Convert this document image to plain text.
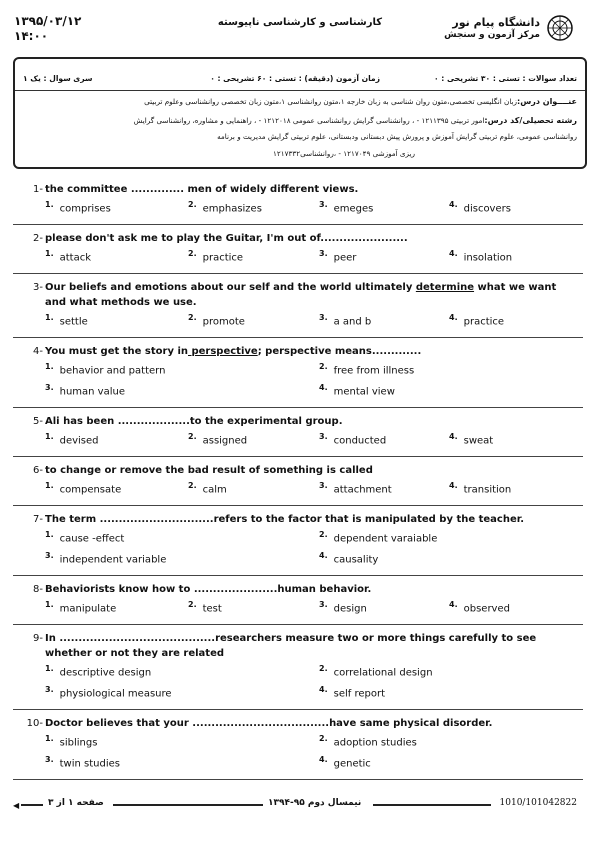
۱۳۹۵/۰۳/۱۲
۱۴:۰۰
کارشناسی و کارشناسی ناپیوسته	دانشگاه پیام نور
مرکز آزمون و سنجش
تعداد سوالات : تستی : ۳۰ تشریحی : ۰
زمان آزمون (دقیقه) : تستی : ۶۰ تشریحی : ۰
سری سوال : یک ۱
عنــــوان درس:زبان انگلیسی تخصصی،متون روان شناسی به زبان خارجه ۱،متون روانشناسی ۱،متون زبان تخصصی روانشناسی وعلوم تربیتی
رشته تحصیلی/کد درس:امور تربیتی ۱۲۱۱۳۹۵ - ، روانشناسی گرایش روانشناسی عمومی ۱۲۱۲۰۱۸ - ، راهنمایی و مشاوره، روانشناسی گرایش
روانشناسی عمومی، علوم تربیتی گرایش آموزش و پرورش پیش دبستانی ودبستانی، علوم تربیتی گرایش مدیریت و برنامه
ریزی آموزشی ۱۲۱۷۰۴۹ - ،روانشناسی۱۲۱۷۳۳۲
1- the committee .............. men of widely different views.
$^{1.}$ comprises	$^{2.}$ emphasizes	$^{3.}$ emeges	$^{4.}$ discovers
2- please don't ask me to play the Guitar, I'm out of.......................
$^{1.}$ attack	$^{2.}$ practice	$^{3.}$ peer	$^{4.}$ insolation
3- Our beliefs and emotions about our self and the world ultimately determine what we want and what methods we use.
$^{1.}$ settle	$^{2.}$ promote	$^{3.}$ a and b	$^{4.}$ practice
4- You must get the story in perspective; perspective means.............
$^{1.}$ behavior and pattern	$^{2.}$ free from illness
$^{3.}$ human value	$^{4.}$ mental view
5- Ali has been ...................to the experimental group.
$^{1.}$ devised	$^{2.}$ assigned	$^{3.}$ conducted	$^{4.}$ sweat
6- to change or remove the bad result of something is called
$^{1.}$ compensate	$^{2.}$ calm	$^{3.}$ attachment	$^{4.}$ transition
7- The term ..............................refers to the factor that is manipulated by the teacher.
$^{1.}$ cause -effect	$^{2.}$ dependent varaiable
$^{3.}$ independent variable	$^{4.}$ causality
8- Behaviorists know how to ......................human behavior.
$^{1.}$ manipulate	$^{2.}$ test	$^{3.}$ design	$^{4.}$ observed
9- In .........................................researchers measure two or more things carefully to see whether or not they are related
$^{1.}$ descriptive design	$^{2.}$ correlational design
$^{3.}$ physiological measure	$^{4.}$ self report
10- Doctor believes that your ....................................have same physical disorder.
$^{1.}$ siblings	$^{2.}$ adoption studies
$^{3.}$ twin studies	$^{4.}$ genetic
◀	صفحه ۱ از ۳	نیمسال دوم ۹۵-۱۳۹۴	1010/101042822
